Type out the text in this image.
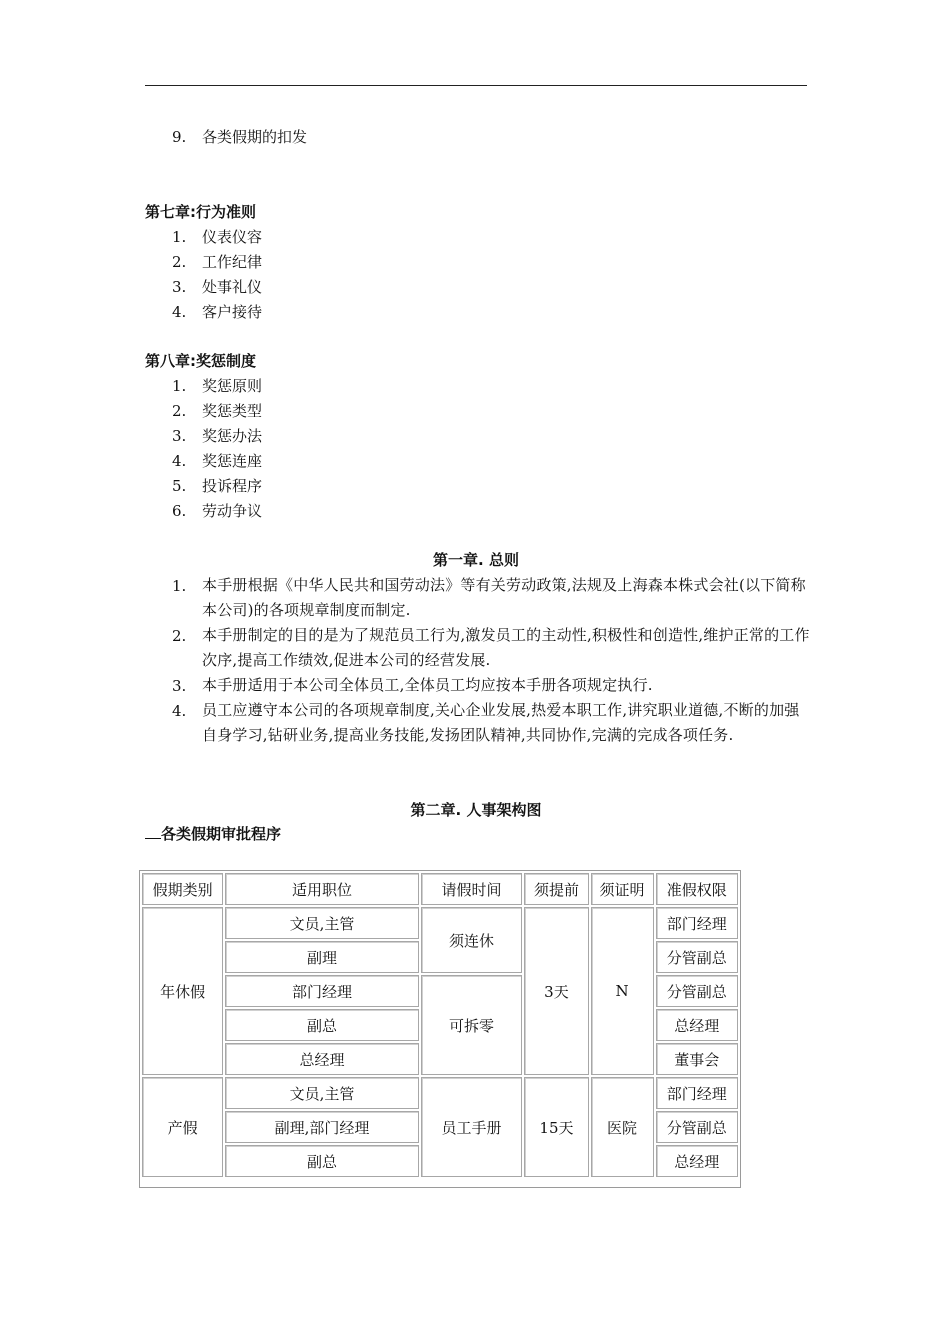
9.	各类假期的扣发
第七章:行为准则
1.	仪表仪容
2.	工作纪律
3.	处事礼仪
4.	客户接待
第八章:奖惩制度
1.	奖惩原则
2.	奖惩类型
3.	奖惩办法
4.	奖惩连座
5.	投诉程序
6.	劳动争议
第一章. 总则
1.	本手册根据《中华人民共和国劳动法》等有关劳动政策,法规及上海森本株式会社(以下简称本公司)的各项规章制度而制定.
2.	本手册制定的目的是为了规范员工行为,激发员工的主动性,积极性和创造性,维护正常的工作次序,提高工作绩效,促进本公司的经营发展.
3.	本手册适用于本公司全体员工,全体员工均应按本手册各项规定执行.
4.	员工应遵守本公司的各项规章制度,关心企业发展,热爱本职工作,讲究职业道德,不断的加强自身学习,钻研业务,提高业务技能,发扬团队精神,共同协作,完满的完成各项任务.
第二章. 人事架构图
各类假期审批程序
假期类别	适用职位	请假时间	须提前	须证明	准假权限
年休假	文员,主管	须连休	3天	N	部门经理
	副理				分管副总
	部门经理	可拆零			分管副总
	副总				总经理
	总经理				董事会
产假	文员,主管	员工手册	15天	医院	部门经理
	副理,部门经理				分管副总
	副总				总经理
